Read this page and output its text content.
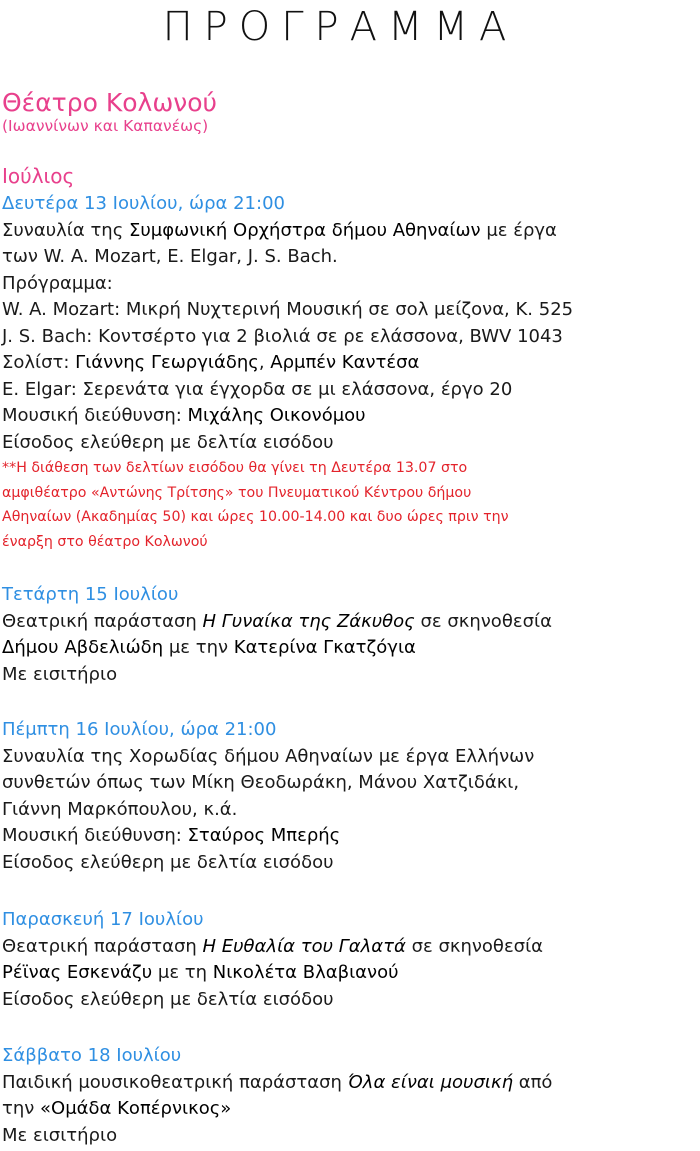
ΠΡΟΓΡΑΜΜΑ
Θέατρο Κολωνού
(Ιωαννίνων και Καπανέως)
Ιούλιος
Δευτέρα 13 Ιουλίου, ώρα 21:00
Συναυλία της Συμφωνική Ορχήστρα δήμου Αθηναίων με έργα
των W. A. Mozart, E. Elgar, J. S. Bach.
Πρόγραμμα:
W. A. Mozart: Μικρή Νυχτερινή Μουσική σε σολ μείζονα, K. 525
J. S. Bach: Κοντσέρτο για 2 βιολιά σε ρε ελάσσονα, BWV 1043
Σολίστ: Γιάννης Γεωργιάδης, Αρμπέν Καντέσα
E. Elgar: Σερενάτα για έγχορδα σε μι ελάσσονα, έργο 20
Μουσική διεύθυνση: Μιχάλης Οικονόμου
Είσοδος ελεύθερη με δελτία εισόδου
**Η διάθεση των δελτίων εισόδου θα γίνει τη Δευτέρα 13.07 στο
αμφιθέατρο «Αντώνης Τρίτσης» του Πνευματικού Κέντρου δήμου
Αθηναίων (Ακαδημίας 50) και ώρες 10.00-14.00 και δυο ώρες πριν την
έναρξη στο θέατρο Κολωνού
Τετάρτη 15 Ιουλίου
Θεατρική παράσταση Η Γυναίκα της Ζάκυθος σε σκηνοθεσία
Δήμου Αβδελιώδη με την Κατερίνα Γκατζόγια
Με εισιτήριο
Πέμπτη 16 Ιουλίου, ώρα 21:00
Συναυλία της Χορωδίας δήμου Αθηναίων με έργα Ελλήνων
συνθετών όπως των Μίκη Θεοδωράκη, Μάνου Χατζιδάκι,
Γιάννη Μαρκόπουλου, κ.ά.
Μουσική διεύθυνση: Σταύρος Μπερής
Είσοδος ελεύθερη με δελτία εισόδου
Παρασκευή 17 Ιουλίου
Θεατρική παράσταση Η Ευθαλία του Γαλατά σε σκηνοθεσία
Ρέϊνας Εσκενάζυ με τη Νικολέτα Βλαβιανού
Είσοδος ελεύθερη με δελτία εισόδου
Σάββατο 18 Ιουλίου
Παιδική μουσικοθεατρική παράσταση Όλα είναι μουσική από
την «Ομάδα Κοπέρνικος»
Με εισιτήριο
